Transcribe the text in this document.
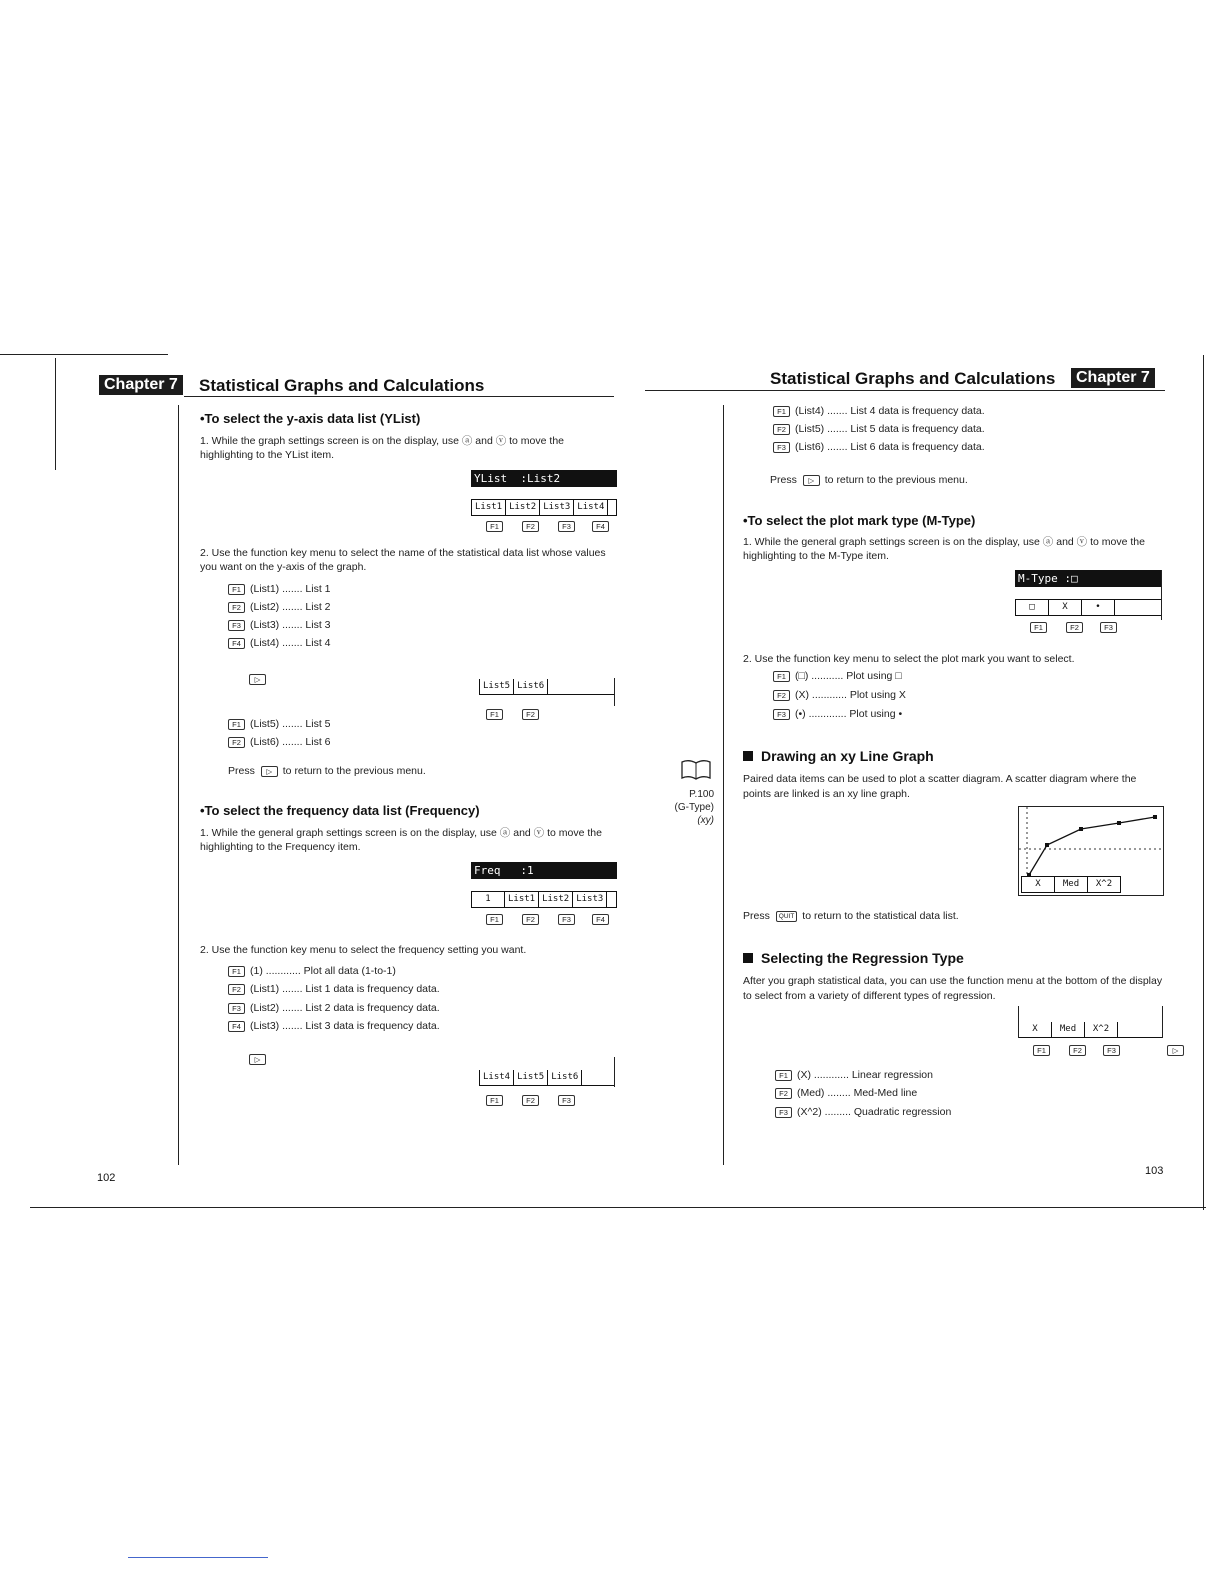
Chapter 7 Statistical Graphs and Calculations
•To select the y-axis data list (YList)
1. While the graph settings screen is on the display, use ⓐ and ⓥ to move the highlighting to the YList item.
YList  :List2
List1 List2 List3 List4
F1	F2	F3	F4
2. Use the function key menu to select the name of the statistical data list whose values you want on the y-axis of the graph.
F1 (List1) ....... List 1
F2 (List2) ....... List 2
F3 (List3) ....... List 3
F4 (List4) ....... List 4
▷
List5 List6
F1	F2
F1 (List5) ....... List 5
F2 (List6) ....... List 6
Press
	▷	to return to the previous menu.
•To select the frequency data list (Frequency)
1. While the general graph settings screen is on the display, use ⓐ and ⓥ to move the highlighting to the Frequency item.
Freq   :1
1	List1 List2 List3
F1	F2	F3	F4
2. Use the function key menu to select the frequency setting you want.
F1 (1) ............ Plot all data (1-to-1)
F2 (List1) ....... List 1 data is frequency data.
F3 (List2) ....... List 2 data is frequency data.
F4 (List3) ....... List 3 data is frequency data.
▷
List4 List5 List6
F1	F2	F3
102
P.100
(G-Type)
(xy)
Statistical Graphs and Calculations	Chapter 7
F1 (List4) ....... List 4 data is frequency data.
F2 (List5) ....... List 5 data is frequency data.
F3 (List6) ....... List 6 data is frequency data.
Press
	▷	to return to the previous menu.
•To select the plot mark type (M-Type)
1. While the general graph settings screen is on the display, use ⓐ and ⓥ to move the highlighting to the M-Type item.
M-Type :□
□	X	•
F1	F2	F3
2. Use the function key menu to select the plot mark you want to select.
F1 (□) ........... Plot using □
F2 (X) ............ Plot using X
F3 (•) ............. Plot using •
Drawing an xy Line Graph
Paired data items can be used to plot a scatter diagram. A scatter diagram where the points are linked is an xy line graph.
X	Med	X^2
Press
	QUIT to return to the statistical data list.
Selecting the Regression Type
After you graph statistical data, you can use the function menu at the bottom of the display to select from a variety of different types of regression.
X	Med	X^2
F1	F2	F3	▷
F1 (X) ............ Linear regression
F2 (Med) ........ Med-Med line
F3 (X^2) ......... Quadratic regression
103
